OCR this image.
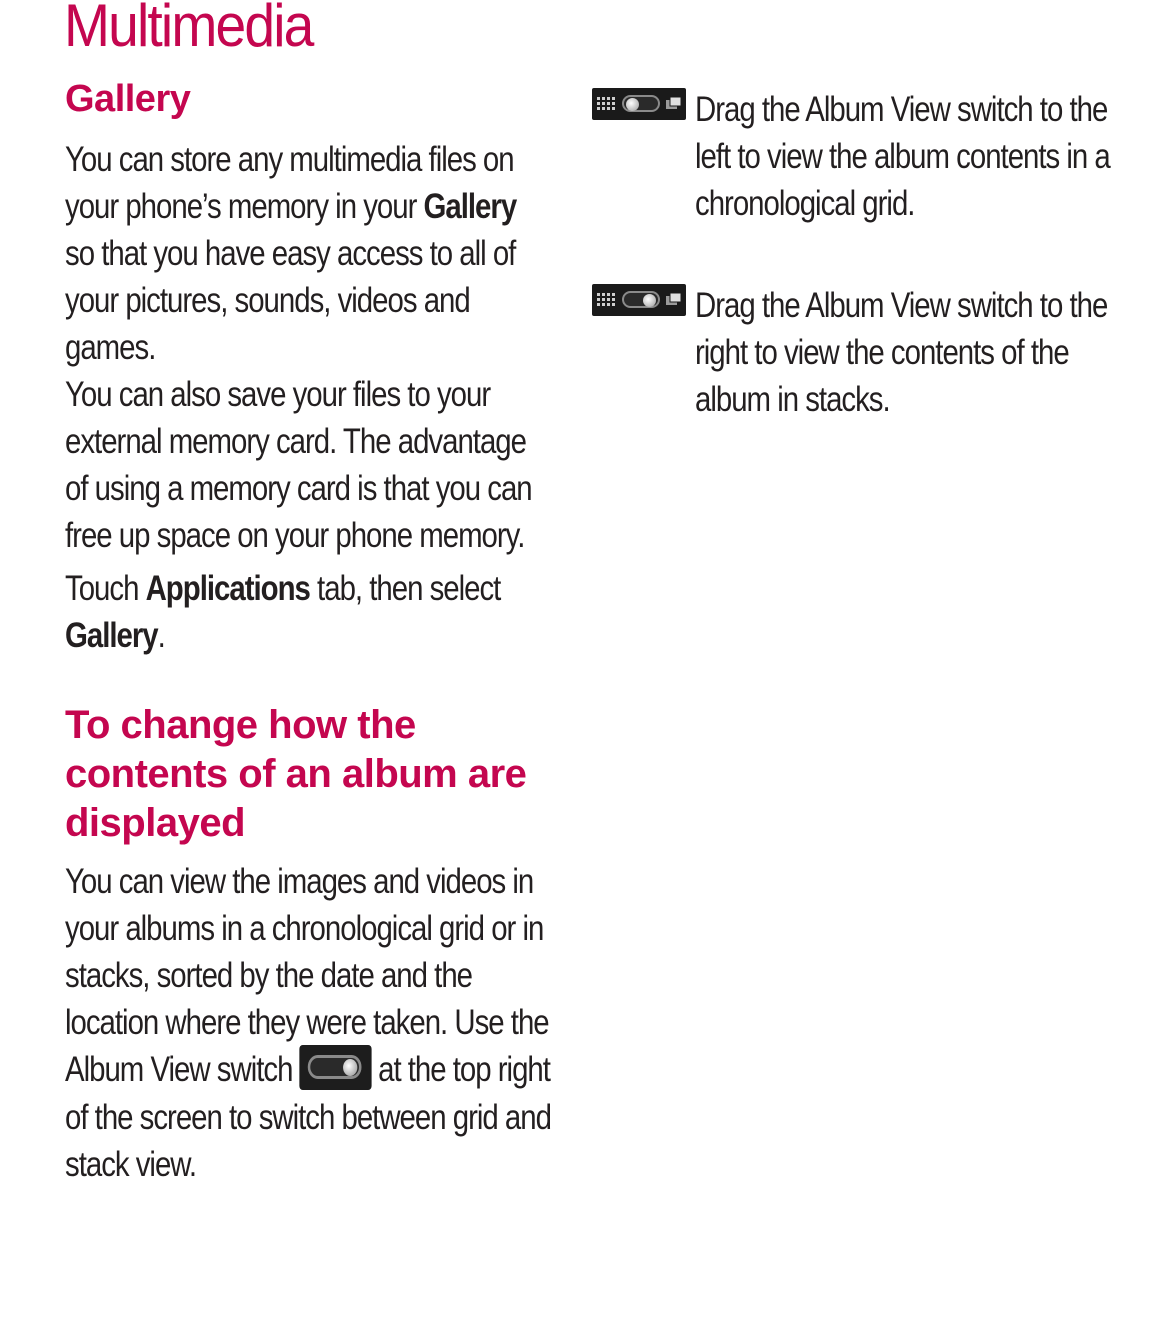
Multimedia
Gallery

You can store any multimedia files on your phone’s memory in your Gallery so that you have easy access to all of your pictures, sounds, videos and games.

You can also save your files to your external memory card. The advantage of using a memory card is that you can free up space on your phone memory.

Touch Applications tab, then select Gallery.

To change how the contents of an album are displayed

You can view the images and videos in your albums in a chronological grid or in stacks, sorted by the date and the location where they were taken. Use the Album View switch at the top right of the screen to switch between grid and stack view.

Drag the Album View switch to the left to view the album contents in a chronological grid.

Drag the Album View switch to the right to view the contents of the album in stacks.
